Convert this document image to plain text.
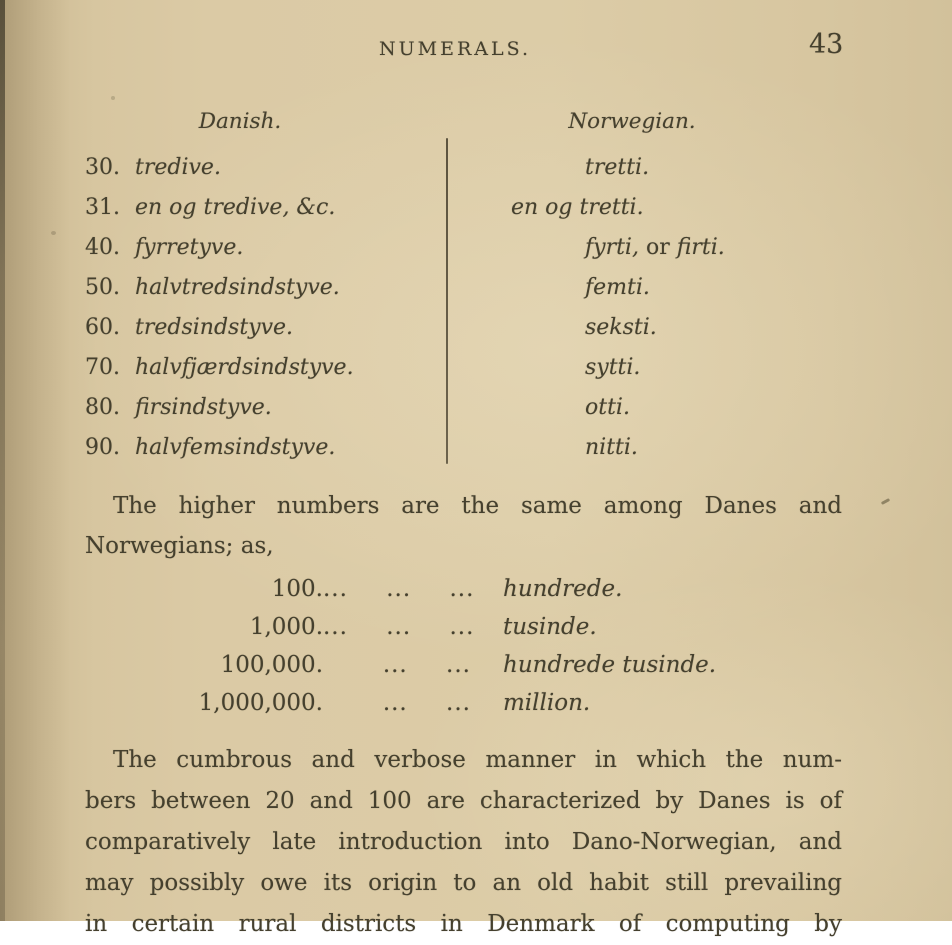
NUMERALS.	43
Danish.	Norwegian.
30. tredive.	tretti.
31. en og tredive, &c.	en og tretti.
40. fyrretyve.	fyrti, or firti.
50. halvtredsindstyve.	femti.
60. tredsindstyve.	seksti.
70. halvfjærdsindstyve.	sytti.
80. firsindstyve.	otti.
90. halvfemsindstyve.	nitti.
The higher numbers are the same among Danes and
Norwegians; as,
100. ... ... ... hundrede.
1,000. ... ... ... tusinde.
100,000.	... ... hundrede tusinde.
1,000,000.	... ... million.
The cumbrous and verbose manner in which the num-
bers between 20 and 100 are characterized by Danes is of
comparatively late introduction into Dano-Norwegian, and
may possibly owe its origin to an old habit still prevailing
in certain rural districts in Denmark of computing by
